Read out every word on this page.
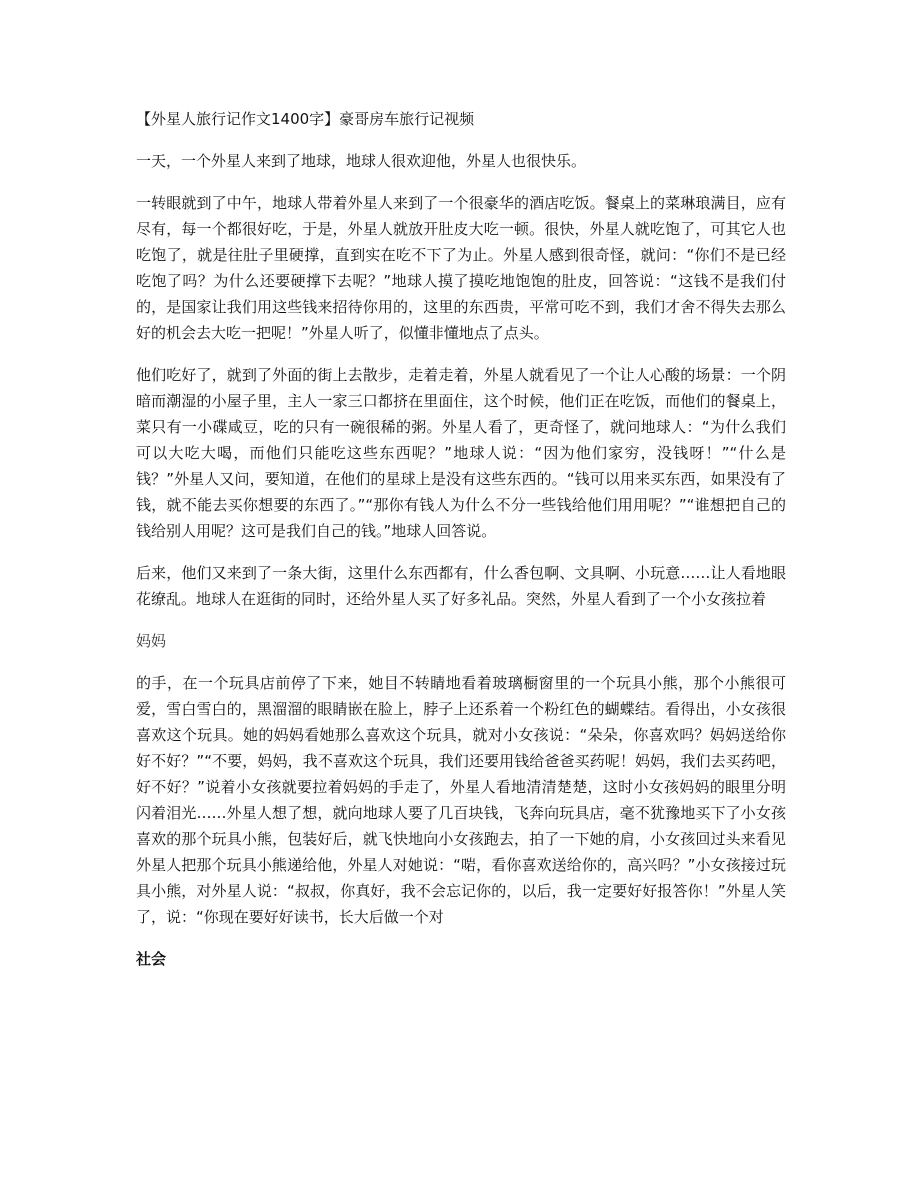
【外星人旅行记作文1400字】豪哥房车旅行记视频

一天，一个外星人来到了地球，地球人很欢迎他，外星人也很快乐。

一转眼就到了中午，地球人带着外星人来到了一个很豪华的酒店吃饭。餐桌上的菜琳琅满目，应有尽有，每一个都很好吃，于是，外星人就放开肚皮大吃一顿。很快，外星人就吃饱了，可其它人也吃饱了，就是往肚子里硬撑，直到实在吃不下了为止。外星人感到很奇怪，就问：“你们不是已经吃饱了吗？为什么还要硬撑下去呢？”地球人摸了摸吃地饱饱的肚皮，回答说：“这钱不是我们付的，是国家让我们用这些钱来招待你用的，这里的东西贵，平常可吃不到，我们才舍不得失去那么好的机会去大吃一把呢！”外星人听了，似懂非懂地点了点头。

他们吃好了，就到了外面的街上去散步，走着走着，外星人就看见了一个让人心酸的场景：一个阴暗而潮湿的小屋子里，主人一家三口都挤在里面住，这个时候，他们正在吃饭，而他们的餐桌上，菜只有一小碟咸豆，吃的只有一碗很稀的粥。外星人看了，更奇怪了，就问地球人：“为什么我们可以大吃大喝，而他们只能吃这些东西呢？”地球人说：“因为他们家穷，没钱呀！”“什么是钱？”外星人又问，要知道，在他们的星球上是没有这些东西的。“钱可以用来买东西，如果没有了钱，就不能去买你想要的东西了。”“那你有钱人为什么不分一些钱给他们用用呢？”“谁想把自己的钱给别人用呢？这可是我们自己的钱。”地球人回答说。

后来，他们又来到了一条大街，这里什么东西都有，什么香包啊、文具啊、小玩意……让人看地眼花缭乱。地球人在逛街的同时，还给外星人买了好多礼品。突然，外星人看到了一个小女孩拉着

妈妈

的手，在一个玩具店前停了下来，她目不转睛地看着玻璃橱窗里的一个玩具小熊，那个小熊很可爱，雪白雪白的，黑溜溜的眼睛嵌在脸上，脖子上还系着一个粉红色的蝴蝶结。看得出，小女孩很喜欢这个玩具。她的妈妈看她那么喜欢这个玩具，就对小女孩说：“朵朵，你喜欢吗？妈妈送给你好不好？”“不要，妈妈，我不喜欢这个玩具，我们还要用钱给爸爸买药呢！妈妈，我们去买药吧，好不好？”说着小女孩就要拉着妈妈的手走了，外星人看地清清楚楚，这时小女孩妈妈的眼里分明闪着泪光……外星人想了想，就向地球人要了几百块钱，飞奔向玩具店，毫不犹豫地买下了小女孩喜欢的那个玩具小熊，包装好后，就飞快地向小女孩跑去，拍了一下她的肩，小女孩回过头来看见外星人把那个玩具小熊递给他，外星人对她说：“啱，看你喜欢送给你的，高兴吗？”小女孩接过玩具小熊，对外星人说：“叔叔，你真好，我不会忘记你的，以后，我一定要好好报答你！”外星人笑了，说：“你现在要好好读书，长大后做一个对

社会
